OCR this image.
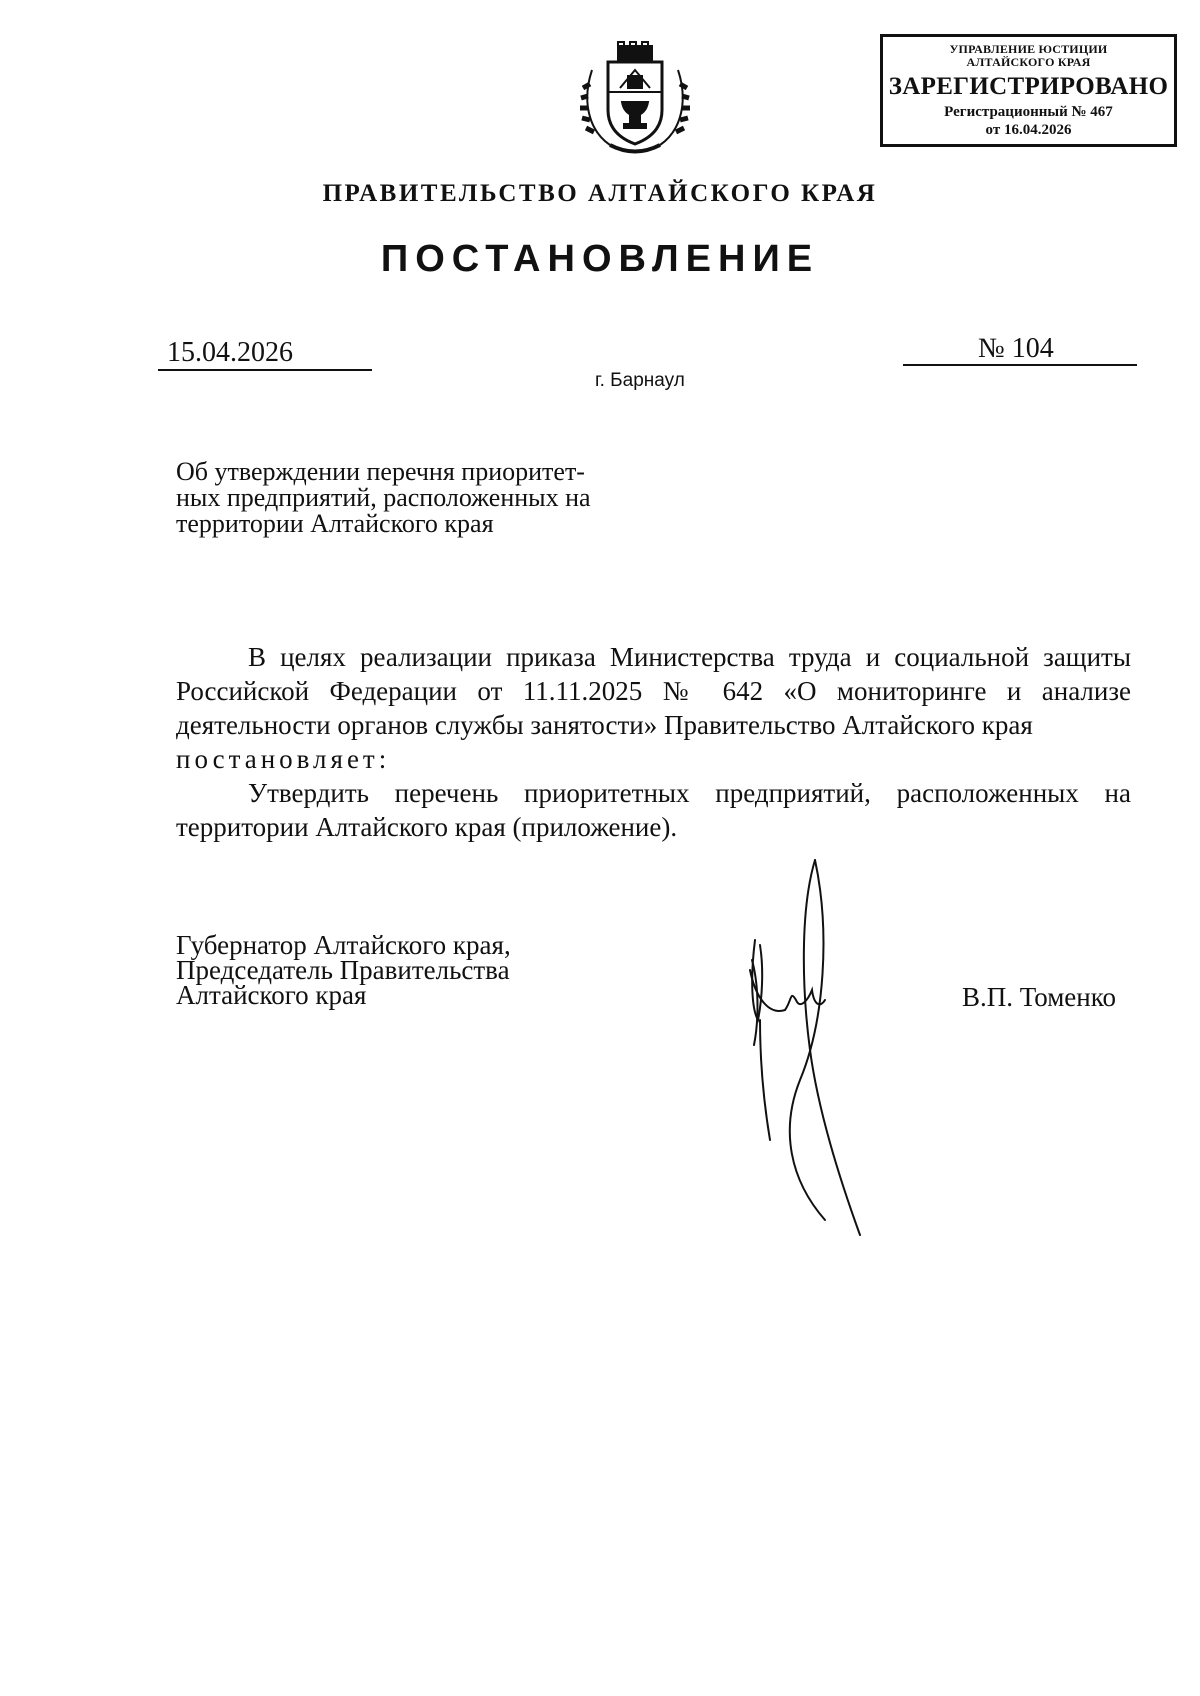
УПРАВЛЕНИЕ ЮСТИЦИИ
АЛТАЙСКОГО КРАЯ
ЗАРЕГИСТРИРОВАНО
Регистрационный № 467
от 16.04.2026
ПРАВИТЕЛЬСТВО АЛТАЙСКОГО КРАЯ
ПОСТАНОВЛЕНИЕ
15.04.2026	№ 104
г. Барнаул
Об утверждении перечня приоритет-
ных предприятий, расположенных на
территории Алтайского края

В целях реализации приказа Министерства труда и социальной защиты Российской Федерации от 11.11.2025 № 642 «О мониторинге и анализе деятельности органов службы занятости» Правительство Алтайского края

постановляет:

Утвердить перечень приоритетных предприятий, расположенных на территории Алтайского края (приложение).

Губернатор Алтайского края,
Председатель Правительства
Алтайского края	В.П. Томенко
